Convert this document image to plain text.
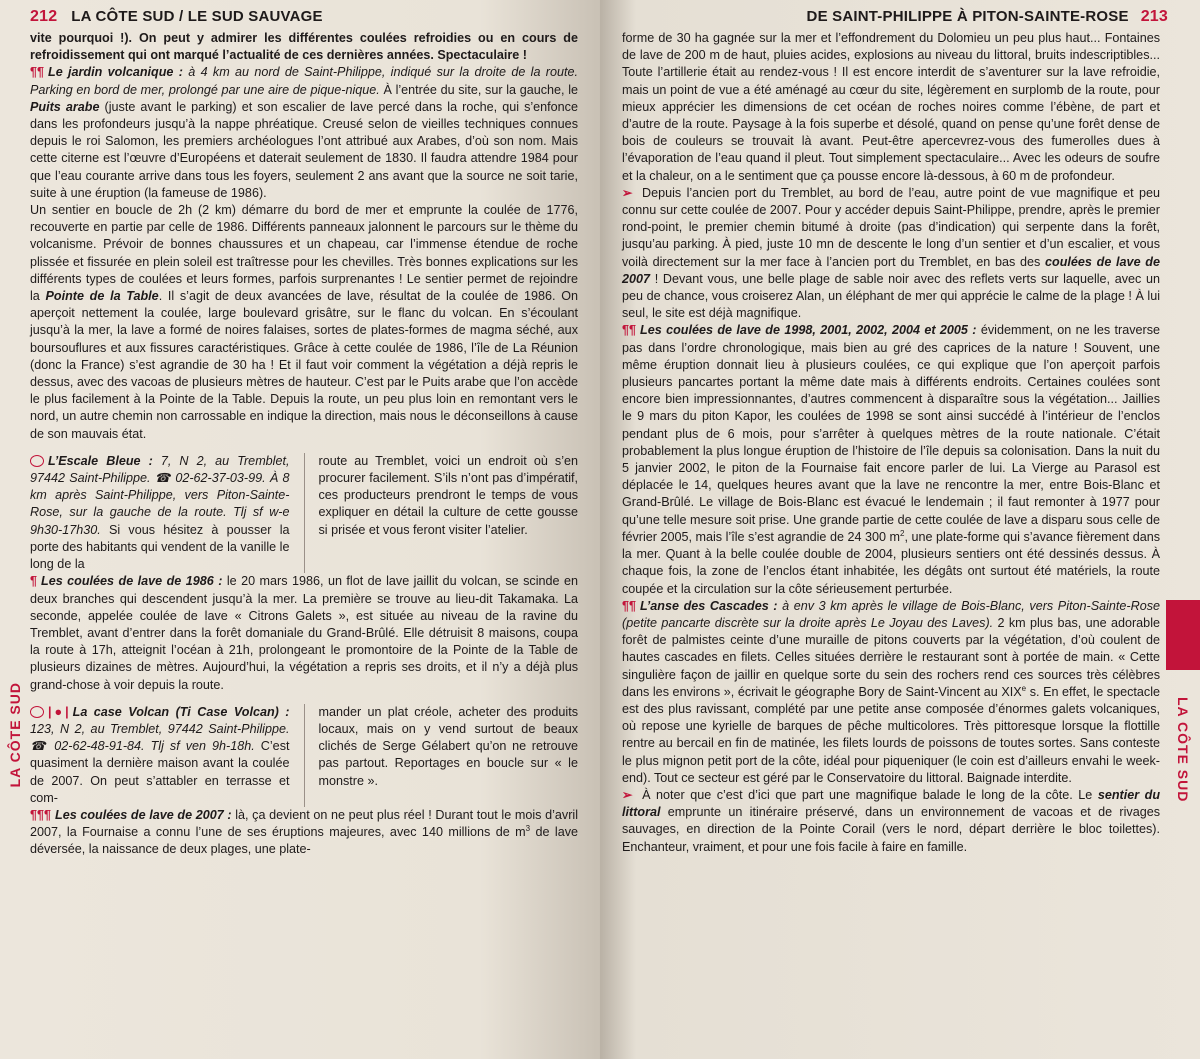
212 LA CÔTE SUD / LE SUD SAUVAGE

vite pourquoi !). On peut y admirer les différentes coulées refroidies ou en cours de refroidissement qui ont marqué l’actualité de ces dernières années. Spectaculaire !

¶¶ Le jardin volcanique : à 4 km au nord de Saint-Philippe, indiqué sur la droite de la route. Parking en bord de mer, prolongé par une aire de pique-nique. À l’entrée du site, sur la gauche, le Puits arabe (juste avant le parking) et son escalier de lave percé dans la roche, qui s’enfonce dans les profondeurs jusqu’à la nappe phréatique. Creusé selon de vieilles techniques connues depuis le roi Salomon, les premiers archéologues l’ont attribué aux Arabes, d’où son nom. Mais cette citerne est l’œuvre d’Européens et daterait seulement de 1830. Il faudra attendre 1984 pour que l’eau courante arrive dans tous les foyers, seulement 2 ans avant que la source ne soit tarie, suite à une éruption (la fameuse de 1986).

Un sentier en boucle de 2h (2 km) démarre du bord de mer et emprunte la coulée de 1776, recouverte en partie par celle de 1986. Différents panneaux jalonnent le parcours sur le thème du volcanisme. Prévoir de bonnes chaussures et un chapeau, car l’immense étendue de roche plissée et fissurée en plein soleil est traîtresse pour les chevilles. Très bonnes explications sur les différents types de coulées et leurs formes, parfois surprenantes ! Le sentier permet de rejoindre la Pointe de la Table. Il s’agit de deux avancées de lave, résultat de la coulée de 1986. On aperçoit nettement la coulée, large boulevard grisâtre, sur le flanc du volcan. En s’écoulant jusqu’à la mer, la lave a formé de noires falaises, sortes de plates-formes de magma séché, aux boursouflures et aux fissures caractéristiques. Grâce à cette coulée de 1986, l’île de La Réunion (donc la France) s’est agrandie de 30 ha ! Et il faut voir comment la végétation a déjà repris le dessus, avec des vacoas de plusieurs mètres de hauteur. C’est par le Puits arabe que l’on accède le plus facilement à la Pointe de la Table. Depuis la route, un peu plus loin en remontant vers le nord, un autre chemin non carrossable en indique la direction, mais nous le déconseillons à cause de son mauvais état.

L’Escale Bleue : 7, N 2, au Tremblet, 97442 Saint-Philippe. ☎ 02-62-37-03-99. À 8 km après Saint-Philippe, vers Piton-Sainte-Rose, sur la gauche de la route. Tlj sf w-e 9h30-17h30. Si vous hésitez à pousser la porte des habitants qui vendent de la vanille le long de la
route au Tremblet, voici un endroit où s’en procurer facilement. S’ils n’ont pas d’impératif, ces producteurs prendront le temps de vous expliquer en détail la culture de cette gousse si prisée et vous feront visiter l’atelier.

¶ Les coulées de lave de 1986 : le 20 mars 1986, un flot de lave jaillit du volcan, se scinde en deux branches qui descendent jusqu’à la mer. La première se trouve au lieu-dit Takamaka. La seconde, appelée coulée de lave « Citrons Galets », est située au niveau de la ravine du Tremblet, avant d’entrer dans la forêt domaniale du Grand-Brûlé. Elle détruisit 8 maisons, coupa la route à 17h, atteignit l’océan à 21h, prolongeant le promontoire de la Pointe de la Table de plusieurs dizaines de mètres. Aujourd’hui, la végétation a repris ses droits, et il n’y a déjà plus grand-chose à voir depuis la route.

|●| La case Volcan (Ti Case Volcan) : 123, N 2, au Tremblet, 97442 Saint-Philippe. ☎ 02-62-48-91-84. Tlj sf ven 9h-18h. C’est quasiment la dernière maison avant la coulée de 2007. On peut s’attabler en terrasse et com-
mander un plat créole, acheter des produits locaux, mais on y vend surtout de beaux clichés de Serge Gélabert qu’on ne retrouve pas partout. Reportages en boucle sur « le monstre ».

¶¶¶ Les coulées de lave de 2007 : là, ça devient on ne peut plus réel ! Durant tout le mois d’avril 2007, la Fournaise a connu l’une de ses éruptions majeures, avec 140 millions de $m^3$ de lave déversée, la naissance de deux plages, une plate-

LA CÔTE SUD
DE SAINT-PHILIPPE À PITON-SAINTE-ROSE 213

forme de 30 ha gagnée sur la mer et l’effondrement du Dolomieu un peu plus haut... Fontaines de lave de 200 m de haut, pluies acides, explosions au niveau du littoral, bruits indescriptibles... Toute l’artillerie était au rendez-vous ! Il est encore interdit de s’aventurer sur la lave refroidie, mais un point de vue a été aménagé au cœur du site, légèrement en surplomb de la route, pour mieux apprécier les dimensions de cet océan de roches noires comme l’ébène, de part et d’autre de la route. Paysage à la fois superbe et désolé, quand on pense qu’une forêt dense de bois de couleurs se trouvait là avant. Peut-être apercevrez-vous des fumerolles dues à l’évaporation de l’eau quand il pleut. Tout simplement spectaculaire... Avec les odeurs de soufre et la chaleur, on a le sentiment que ça pousse encore là-dessous, à 60 m de profondeur.

➢ Depuis l’ancien port du Tremblet, au bord de l’eau, autre point de vue magnifique et peu connu sur cette coulée de 2007. Pour y accéder depuis Saint-Philippe, prendre, après le premier rond-point, le premier chemin bitumé à droite (pas d’indication) qui serpente dans la forêt, jusqu’au parking. À pied, juste 10 mn de descente le long d’un sentier et d’un escalier, et vous voilà directement sur la mer face à l’ancien port du Tremblet, en bas des coulées de lave de 2007 ! Devant vous, une belle plage de sable noir avec des reflets verts sur laquelle, avec un peu de chance, vous croiserez Alan, un éléphant de mer qui apprécie le calme de la plage ! À lui seul, le site est déjà magnifique.

¶¶ Les coulées de lave de 1998, 2001, 2002, 2004 et 2005 : évidemment, on ne les traverse pas dans l’ordre chronologique, mais bien au gré des caprices de la nature ! Souvent, une même éruption donnait lieu à plusieurs coulées, ce qui explique que l’on aperçoit parfois plusieurs pancartes portant la même date mais à différents endroits. Certaines coulées sont encore bien impressionnantes, d’autres commencent à disparaître sous la végétation... Jaillies le 9 mars du piton Kapor, les coulées de 1998 se sont ainsi succédé à l’intérieur de l’enclos pendant plus de 6 mois, pour s’arrêter à quelques mètres de la route nationale. C’était probablement la plus longue éruption de l’histoire de l’île depuis sa colonisation. Dans la nuit du 5 janvier 2002, le piton de la Fournaise fait encore parler de lui. La Vierge au Parasol est déplacée le 14, quelques heures avant que la lave ne rencontre la mer, entre Bois-Blanc et Grand-Brûlé. Le village de Bois-Blanc est évacué le lendemain ; il faut remonter à 1977 pour qu’une telle mesure soit prise. Une grande partie de cette coulée de lave a disparu sous celle de février 2005, mais l’île s’est agrandie de 24 300 $m^2$, une plate-forme qui s’avance fièrement dans la mer. Quant à la belle coulée double de 2004, plusieurs sentiers ont été dessinés dessus. À chaque fois, la zone de l’enclos étant inhabitée, les dégâts ont surtout été matériels, la route coupée et la circulation sur la côte sérieusement perturbée.

¶¶ L’anse des Cascades : à env 3 km après le village de Bois-Blanc, vers Piton-Sainte-Rose (petite pancarte discrète sur la droite après Le Joyau des Laves). 2 km plus bas, une adorable forêt de palmistes ceinte d’une muraille de pitons couverts par la végétation, d’où coulent de hautes cascades en filets. Celles situées derrière le restaurant sont à portée de main. « Cette singulière façon de jaillir en quelque sorte du sein des rochers rend ces sources très célèbres dans les environs », écrivait le géographe Bory de Saint-Vincent au XIXe s. En effet, le spectacle est des plus ravissant, complété par une petite anse composée d’énormes galets volcaniques, où repose une kyrielle de barques de pêche multicolores. Très pittoresque lorsque la flottille rentre au bercail en fin de matinée, les filets lourds de poissons de toutes sortes. Sans conteste le plus mignon petit port de la côte, idéal pour piqueniquer (le coin est d’ailleurs envahi le week-end). Tout ce secteur est géré par le Conservatoire du littoral. Baignade interdite.

➢ À noter que c’est d’ici que part une magnifique balade le long de la côte. Le sentier du littoral emprunte un itinéraire préservé, dans un environnement de vacoas et de rivages sauvages, en direction de la Pointe Corail (vers le nord, départ derrière le bloc toilettes). Enchanteur, vraiment, et pour une fois facile à faire en famille.

LA CÔTE SUD
